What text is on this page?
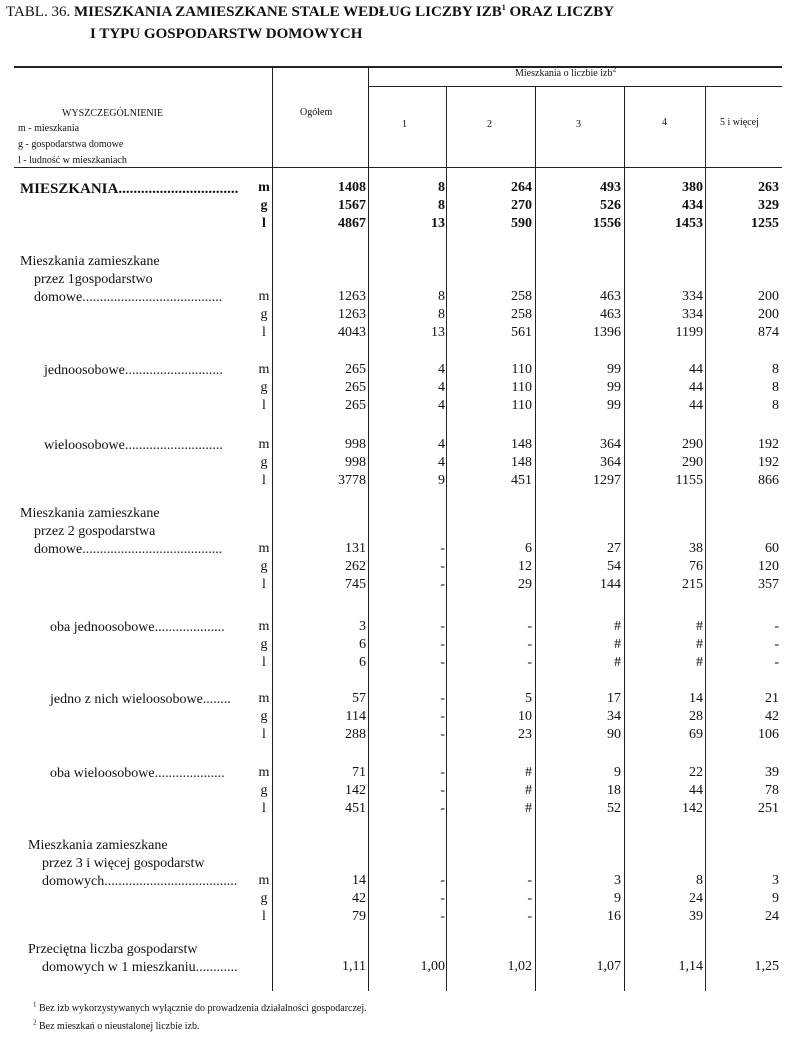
TABL. 36. MIESZKANIA ZAMIESZKANE STALE WEDŁUG LICZBY IZB$^1$ ORAZ LICZBY
I TYPU GOSPODARSTW DOMOWYCH
WYSZCZEGÓLNIENIE
m - mieszkania
g - gospodarstwa domowe
l - ludność w mieszkaniach
Ogółem
Mieszkania o liczbie izb$^2$
1	2	3	4	5 i więcej
MIESZKANIA................................ m	1408	8	264	493	380	263
g	1567	8	270	526	434	329
l	4867	13	590	1556	1453	1255
Mieszkania zamieszkane
 przez 1gospodarstwo
 domowe........................................	m	1263	8	258	463	334	200
g	1263	8	258	463	334	200
l	4043	13	561	1396	1199	874
jednoosobowe............................	m	265	4	110	99	44	8
g	265	4	110	99	44	8
l	265	4	110	99	44	8
wieloosobowe............................	m	998	4	148	364	290	192
g	998	4	148	364	290	192
l	3778	9	451	1297	1155	866
Mieszkania zamieszkane
 przez 2 gospodarstwa
 domowe........................................	m	131	-	6	27	38	60
g	262	-	12	54	76	120
l	745	-	29	144	215	357
oba jednoosobowe.................... m	3	-	-	#	#	-
g	6	-	-	#	#	-
l	6	-	-	#	#	-
jedno z nich wieloosobowe........ m	57	-	5	17	14	21
g	114	-	10	34	28	42
l	288	-	23	90	69	106
oba wieloosobowe.................... m	71	-	#	9	22	39
g	142	-	#	18	44	78
l	451	-	#	52	142	251
Mieszkania zamieszkane
 przez 3 i więcej gospodarstw
 domowych...................................... m	14	-	-	3	8	3
g	42	-	-	9	24	9
l	79	-	-	16	39	24
Przeciętna liczba gospodarstw
 domowych w 1 mieszkaniu............	1,11	1,00	1,02	1,07	1,14	1,25
$^1$ Bez izb wykorzystywanych wyłącznie do prowadzenia działalności gospodarczej.
$^2$ Bez mieszkań o nieustalonej liczbie izb.
